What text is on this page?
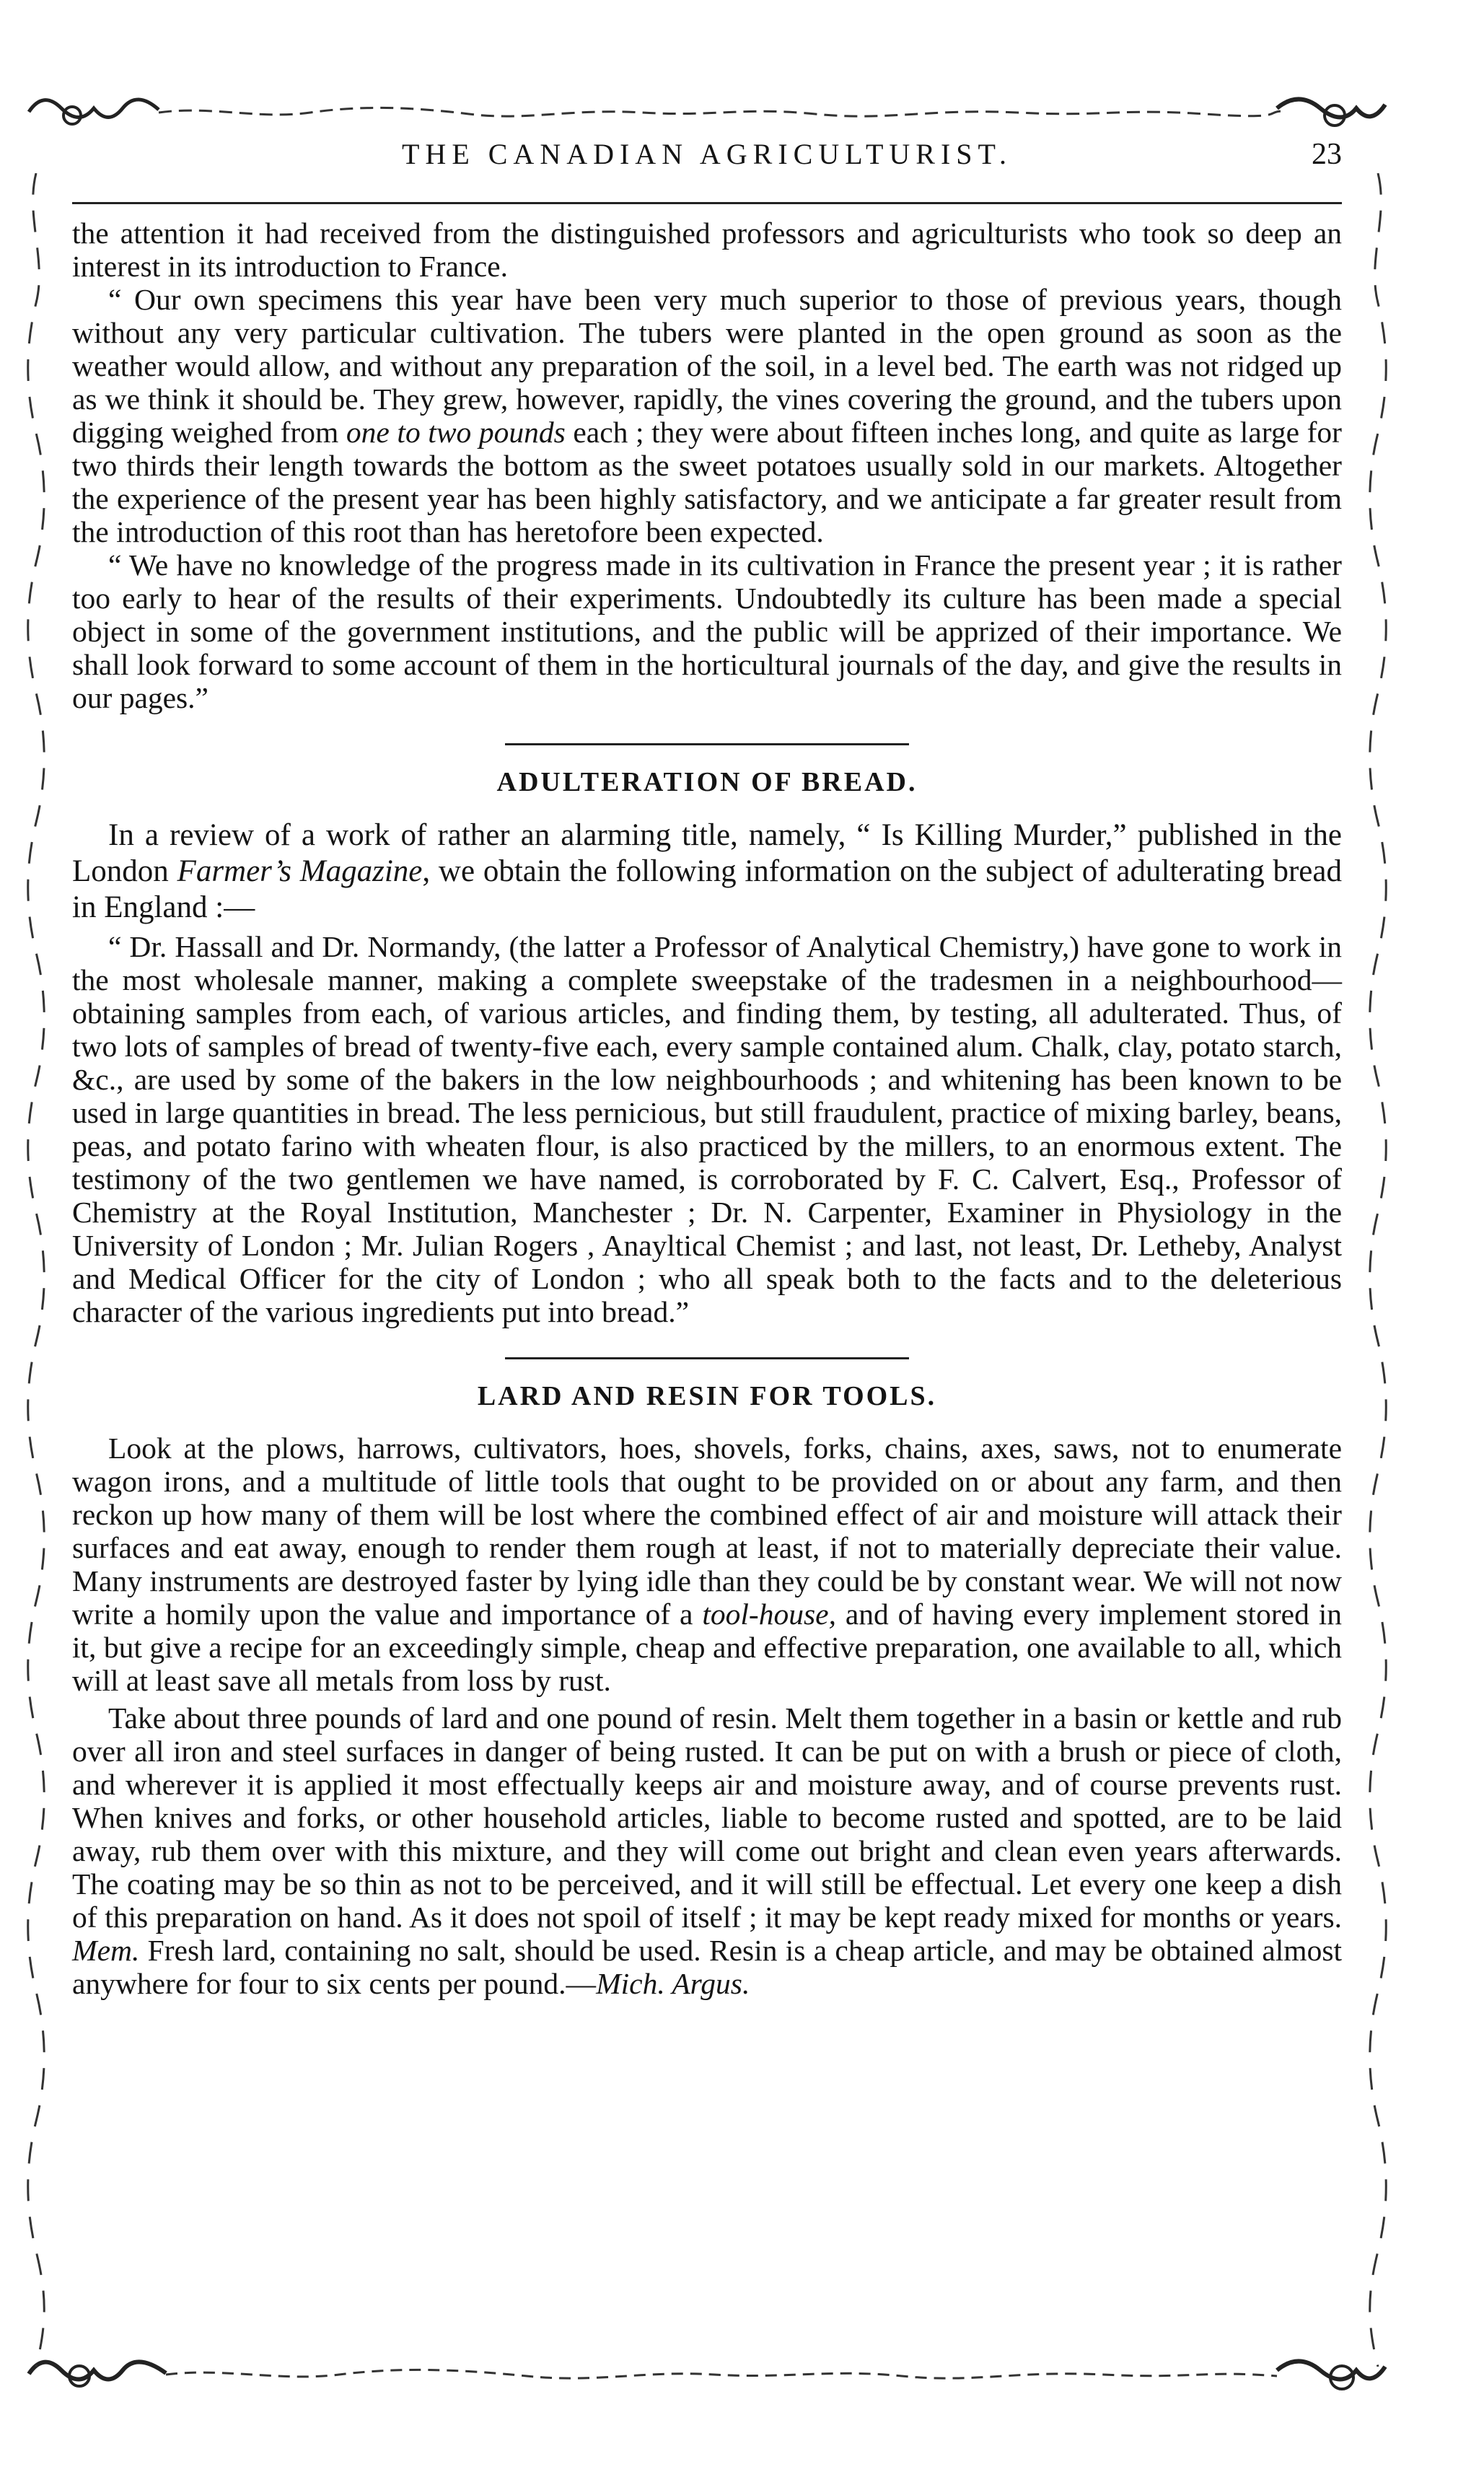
THE CANADIAN AGRICULTURIST.	23

the attention it had received from the distinguished professors and agriculturists who took so deep an interest in its introduction to France.

“ Our own specimens this year have been very much superior to those of previous years, though without any very particular cultivation. The tubers were planted in the open ground as soon as the weather would allow, and without any preparation of the soil, in a level bed. The earth was not ridged up as we think it should be. They grew, however, rapidly, the vines covering the ground, and the tubers upon digging weighed from one to two pounds each ; they were about fifteen inches long, and quite as large for two thirds their length towards the bottom as the sweet potatoes usually sold in our markets. Altogether the experience of the present year has been highly satisfactory, and we anticipate a far greater result from the introduction of this root than has heretofore been expected.

“ We have no knowledge of the progress made in its cultivation in France the present year ; it is rather too early to hear of the results of their experiments. Undoubtedly its culture has been made a special object in some of the government institutions, and the public will be apprized of their importance. We shall look forward to some account of them in the horticultural journals of the day, and give the results in our pages.”

ADULTERATION OF BREAD.

In a review of a work of rather an alarming title, namely, “ Is Killing Murder,” published in the London Farmer’s Magazine, we obtain the following information on the subject of adulterating bread in England :—

“ Dr. Hassall and Dr. Normandy, (the latter a Professor of Analytical Chemistry,) have gone to work in the most wholesale manner, making a complete sweepstake of the tradesmen in a neighbourhood—obtaining samples from each, of various articles, and finding them, by testing, all adulterated. Thus, of two lots of samples of bread of twenty-five each, every sample contained alum. Chalk, clay, potato starch, &c., are used by some of the bakers in the low neighbourhoods ; and whitening has been known to be used in large quantities in bread. The less pernicious, but still fraudulent, practice of mixing barley, beans, peas, and potato farino with wheaten flour, is also practiced by the millers, to an enormous extent. The testimony of the two gentlemen we have named, is corroborated by F. C. Calvert, Esq., Professor of Chemistry at the Royal Institution, Manchester ; Dr. N. Carpenter, Examiner in Physiology in the University of London ; Mr. Julian Rogers , Anayltical Chemist ; and last, not least, Dr. Letheby, Analyst and Medical Officer for the city of London ; who all speak both to the facts and to the deleterious character of the various ingredients put into bread.”

LARD AND RESIN FOR TOOLS.

Look at the plows, harrows, cultivators, hoes, shovels, forks, chains, axes, saws, not to enumerate wagon irons, and a multitude of little tools that ought to be provided on or about any farm, and then reckon up how many of them will be lost where the combined effect of air and moisture will attack their surfaces and eat away, enough to render them rough at least, if not to materially depreciate their value. Many instruments are destroyed faster by lying idle than they could be by constant wear. We will not now write a homily upon the value and importance of a tool-house, and of having every implement stored in it, but give a recipe for an exceedingly simple, cheap and effective preparation, one available to all, which will at least save all metals from loss by rust.

Take about three pounds of lard and one pound of resin. Melt them together in a basin or kettle and rub over all iron and steel surfaces in danger of being rusted. It can be put on with a brush or piece of cloth, and wherever it is applied it most effectually keeps air and moisture away, and of course prevents rust. When knives and forks, or other household articles, liable to become rusted and spotted, are to be laid away, rub them over with this mixture, and they will come out bright and clean even years afterwards. The coating may be so thin as not to be perceived, and it will still be effectual. Let every one keep a dish of this preparation on hand. As it does not spoil of itself ; it may be kept ready mixed for months or years. Mem. Fresh lard, containing no salt, should be used. Resin is a cheap article, and may be obtained almost anywhere for four to six cents per pound.—Mich. Argus.
